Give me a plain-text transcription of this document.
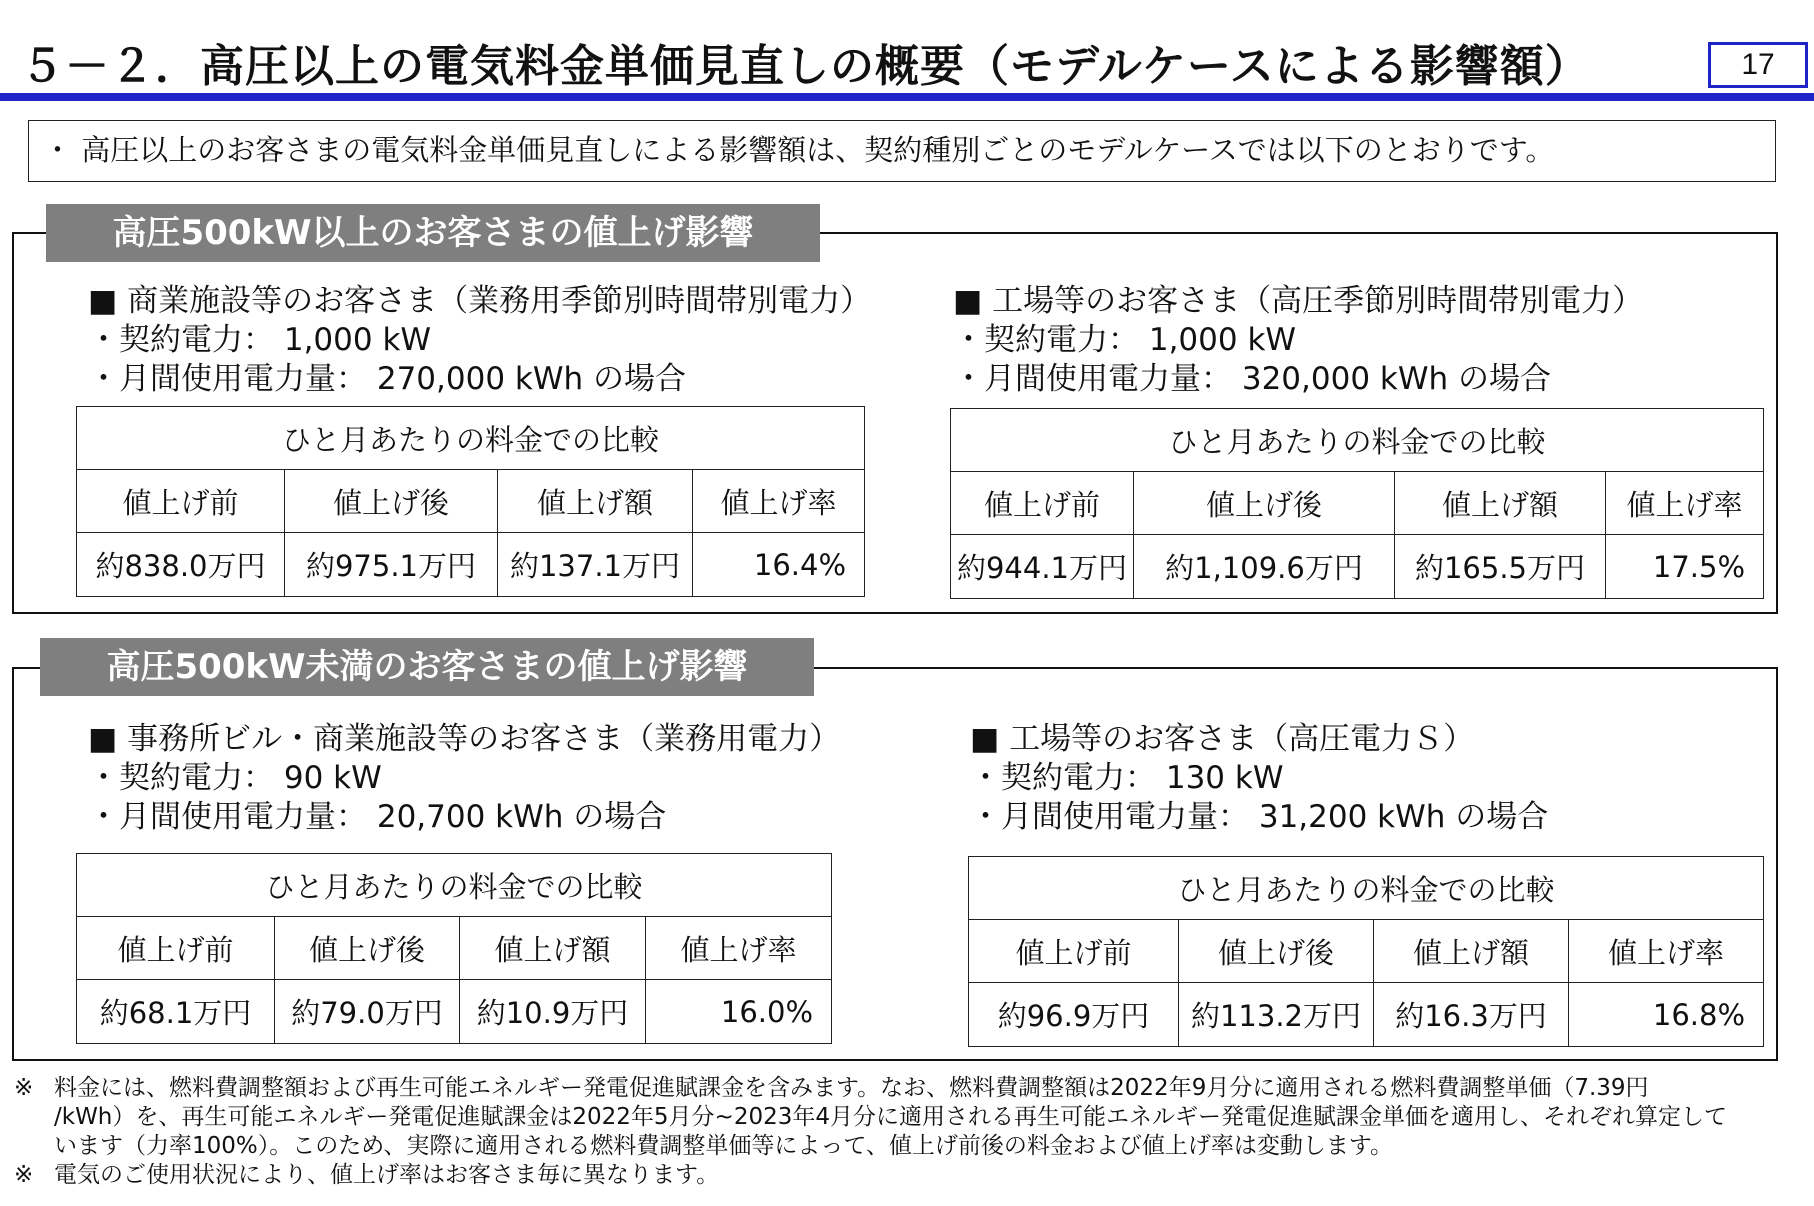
５－２．高圧以上の電気料金単価見直しの概要（モデルケースによる影響額）	17
・ 高圧以上のお客さまの電気料金単価見直しによる影響額は、契約種別ごとのモデルケースでは以下のとおりです。
高圧500kW以上のお客さまの値上げ影響
■ 商業施設等のお客さま（業務用季節別時間帯別電力）
・契約電力： 1,000 kW
・月間使用電力量： 270,000 kWh の場合
ひと月あたりの料金での比較			
値上げ前	値上げ後	値上げ額	値上げ率
約838.0万円	約975.1万円	約137.1万円	16.4%
■ 工場等のお客さま（高圧季節別時間帯別電力）
・契約電力： 1,000 kW
・月間使用電力量： 320,000 kWh の場合
ひと月あたりの料金での比較			
値上げ前	値上げ後	値上げ額	値上げ率
約944.1万円	約1,109.6万円	約165.5万円	17.5%
高圧500kW未満のお客さまの値上げ影響
■ 事務所ビル・商業施設等のお客さま（業務用電力）
・契約電力： 90 kW
・月間使用電力量： 20,700 kWh の場合
ひと月あたりの料金での比較			
値上げ前	値上げ後	値上げ額	値上げ率
約68.1万円	約79.0万円	約10.9万円	16.0%
■ 工場等のお客さま（高圧電力Ｓ）
・契約電力： 130 kW
・月間使用電力量： 31,200 kWh の場合
ひと月あたりの料金での比較			
値上げ前	値上げ後	値上げ額	値上げ率
約96.9万円	約113.2万円	約16.3万円	16.8%
※ 料金には、燃料費調整額および再生可能エネルギー発電促進賦課金を含みます。なお、燃料費調整額は2022年9月分に適用される燃料費調整単価（7.39円
/kWh）を、再生可能エネルギー発電促進賦課金は2022年5月分~2023年4月分に適用される再生可能エネルギー発電促進賦課金単価を適用し、それぞれ算定して
います（力率100%）。このため、実際に適用される燃料費調整単価等によって、値上げ前後の料金および値上げ率は変動します。
※ 電気のご使用状況により、値上げ率はお客さま毎に異なります。
